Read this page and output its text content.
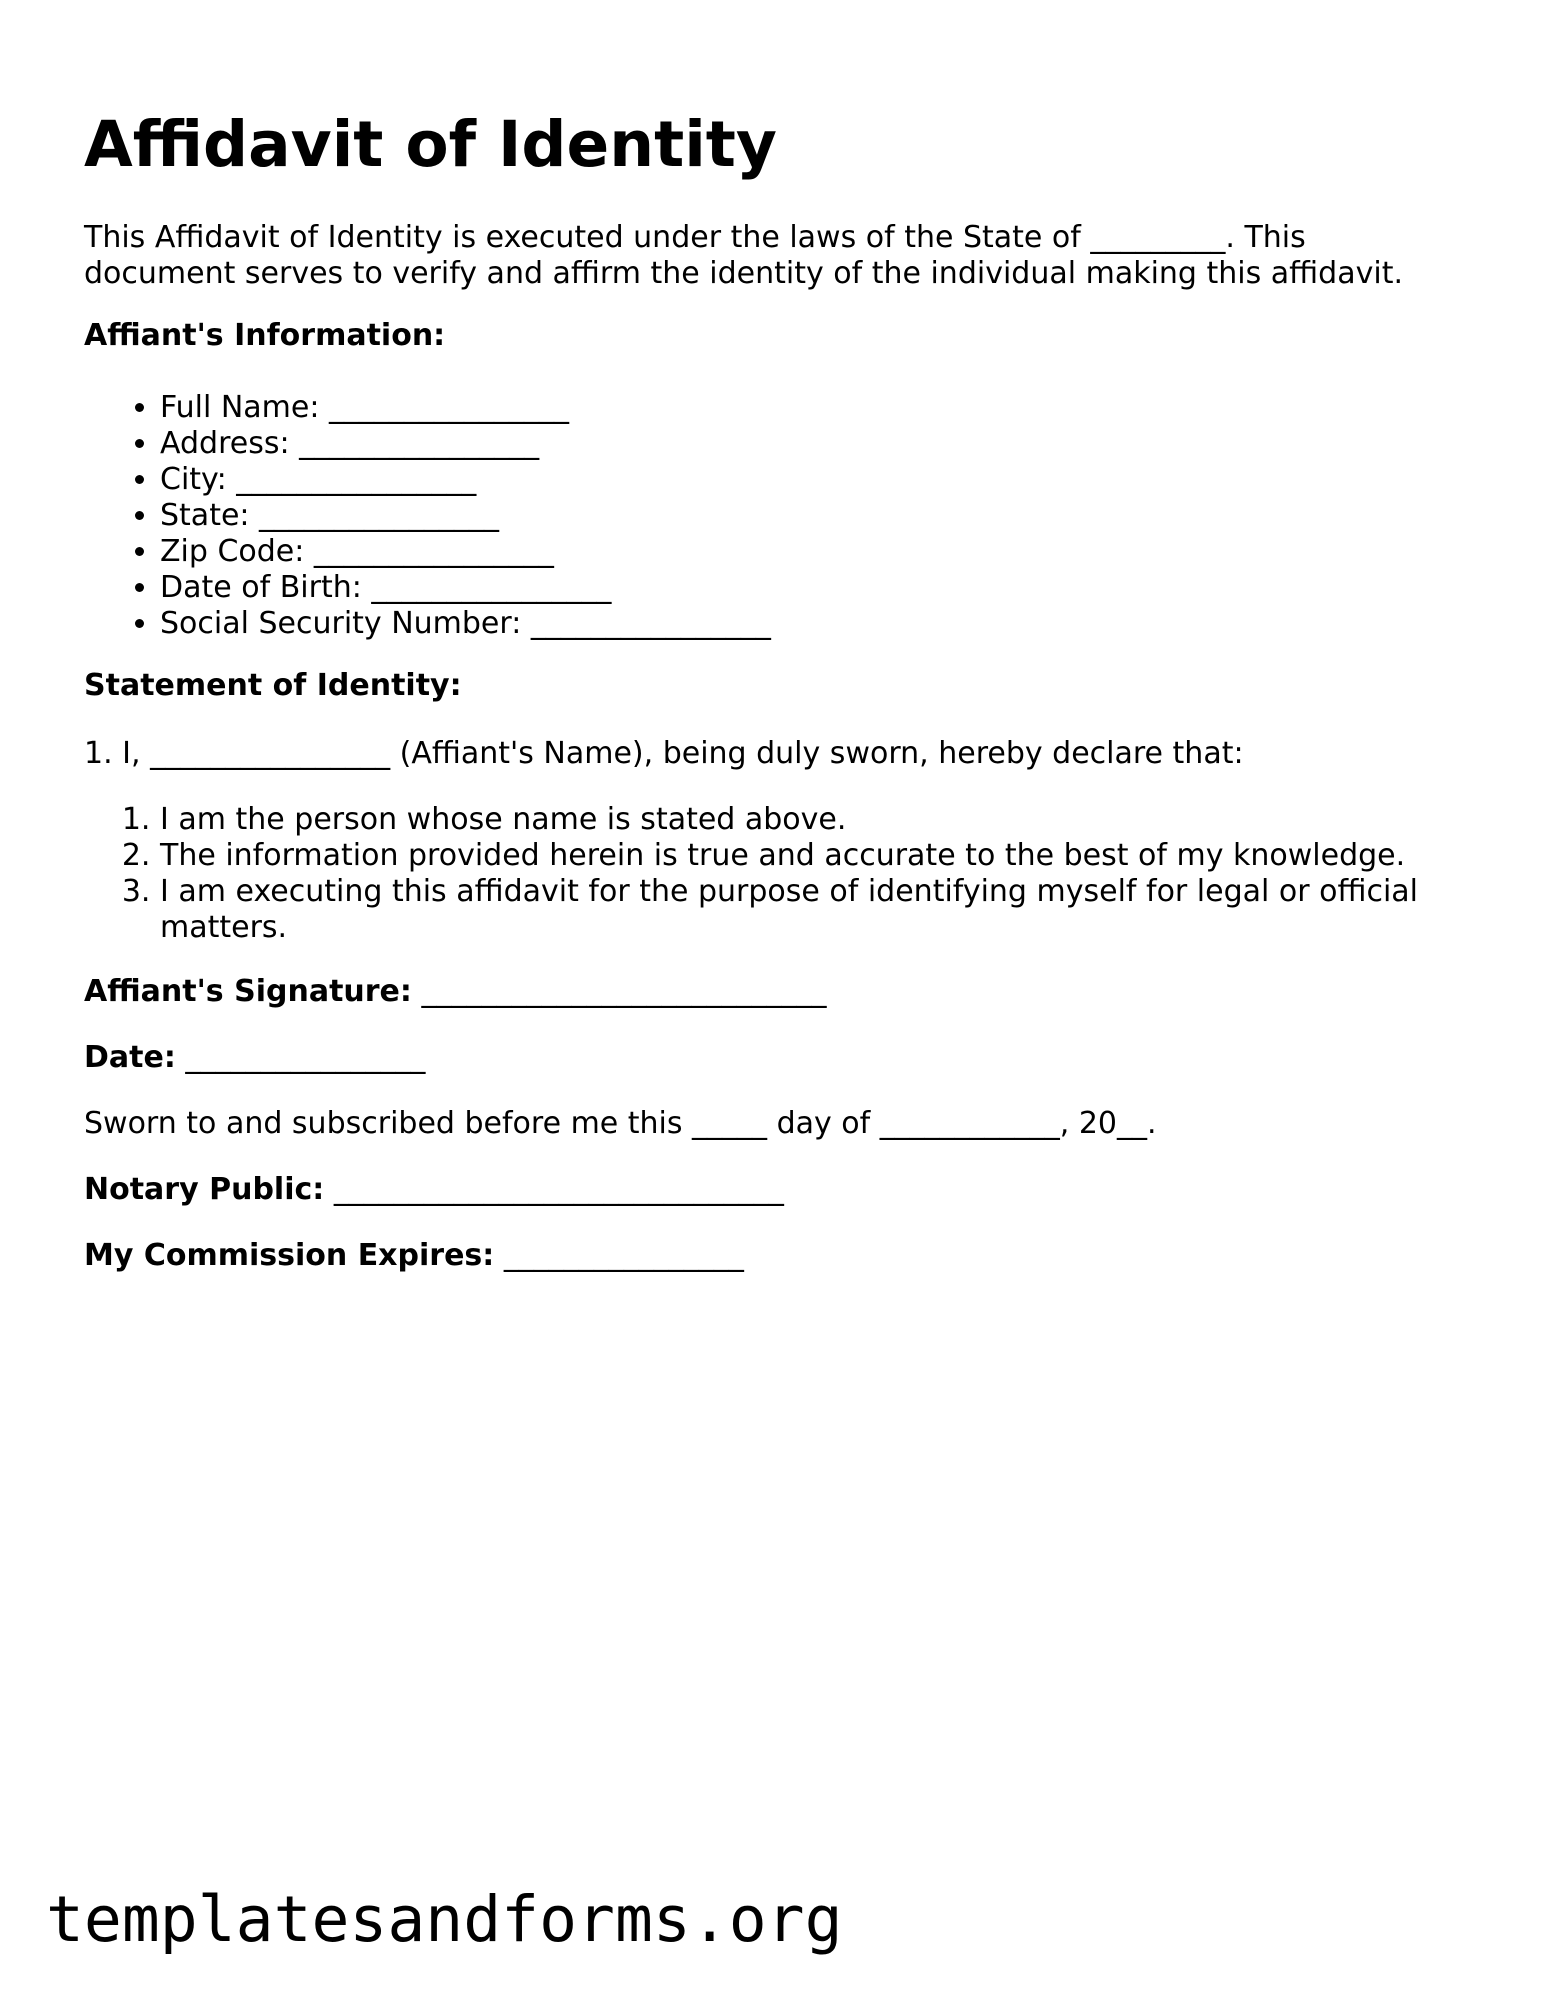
Affidavit of Identity

This Affidavit of Identity is executed under the laws of the State of _________. This
document serves to verify and affirm the identity of the individual making this affidavit.

Affiant's Information:

• Full Name: ________________
• Address: ________________
• City: ________________
• State: ________________
• Zip Code: ________________
• Date of Birth: ________________
• Social Security Number: ________________

Statement of Identity:

1. I, ________________ (Affiant's Name), being duly sworn, hereby declare that:

1. I am the person whose name is stated above.
2. The information provided herein is true and accurate to the best of my knowledge.
3. I am executing this affidavit for the purpose of identifying myself for legal or official matters.

Affiant's Signature: ___________________________

Date: ________________

Sworn to and subscribed before me this _____ day of ____________, 20__.

Notary Public: ______________________________

My Commission Expires: ________________

templatesandforms.org
